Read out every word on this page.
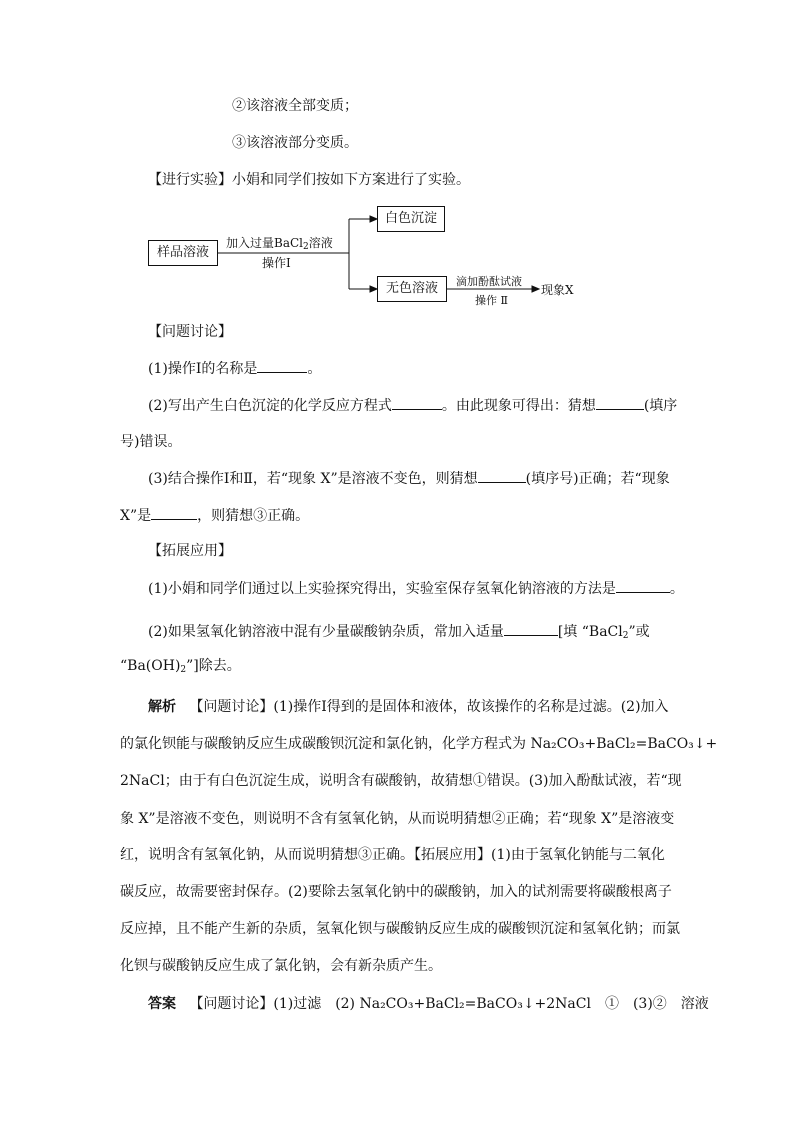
②该溶液全部变质；
③该溶液部分变质。
【进行实验】小娟和同学们按如下方案进行了实验。
样品溶液
白色沉淀
无色溶液
加入过量BaCl$_2$溶液
操作Ⅰ
滴加酚酞试液
操作 Ⅱ
现象X
【问题讨论】
(1)操作Ⅰ的名称是	。
(2)写出产生白色沉淀的化学反应方程式	。由此现象可得出：猜想	(填序
号)错误。
(3)结合操作Ⅰ和Ⅱ，若“现象 X”是溶液不变色，则猜想	(填序号)正确；若“现象
X”是	，则猜想③正确。
【拓展应用】
(1)小娟和同学们通过以上实验探究得出，实验室保存氢氧化钠溶液的方法是	。
(2)如果氢氧化钠溶液中混有少量碳酸钠杂质，常加入适量	[填 “BaCl$_2$”或
“$Ba(OH)_2$”]除去。
解析 【问题讨论】(1)操作Ⅰ得到的是固体和液体，故该操作的名称是过滤。(2)加入
的氯化钡能与碳酸钠反应生成碳酸钡沉淀和氯化钠，化学方程式为 Na₂CO₃+BaCl₂=BaCO₃↓+
2NaCl；由于有白色沉淀生成，说明含有碳酸钠，故猜想①错误。(3)加入酚酞试液，若“现
象 X”是溶液不变色，则说明不含有氢氧化钠，从而说明猜想②正确；若“现象 X”是溶液变
红，说明含有氢氧化钠，从而说明猜想③正确。【拓展应用】(1)由于氢氧化钠能与二氧化
碳反应，故需要密封保存。(2)要除去氢氧化钠中的碳酸钠，加入的试剂需要将碳酸根离子
反应掉，且不能产生新的杂质，氢氧化钡与碳酸钠反应生成的碳酸钡沉淀和氢氧化钠；而氯
化钡与碳酸钠反应生成了氯化钠，会有新杂质产生。
答案 【问题讨论】(1)过滤　(2) Na₂CO₃+BaCl₂=BaCO₃↓+2NaCl　①　(3)②　溶液
